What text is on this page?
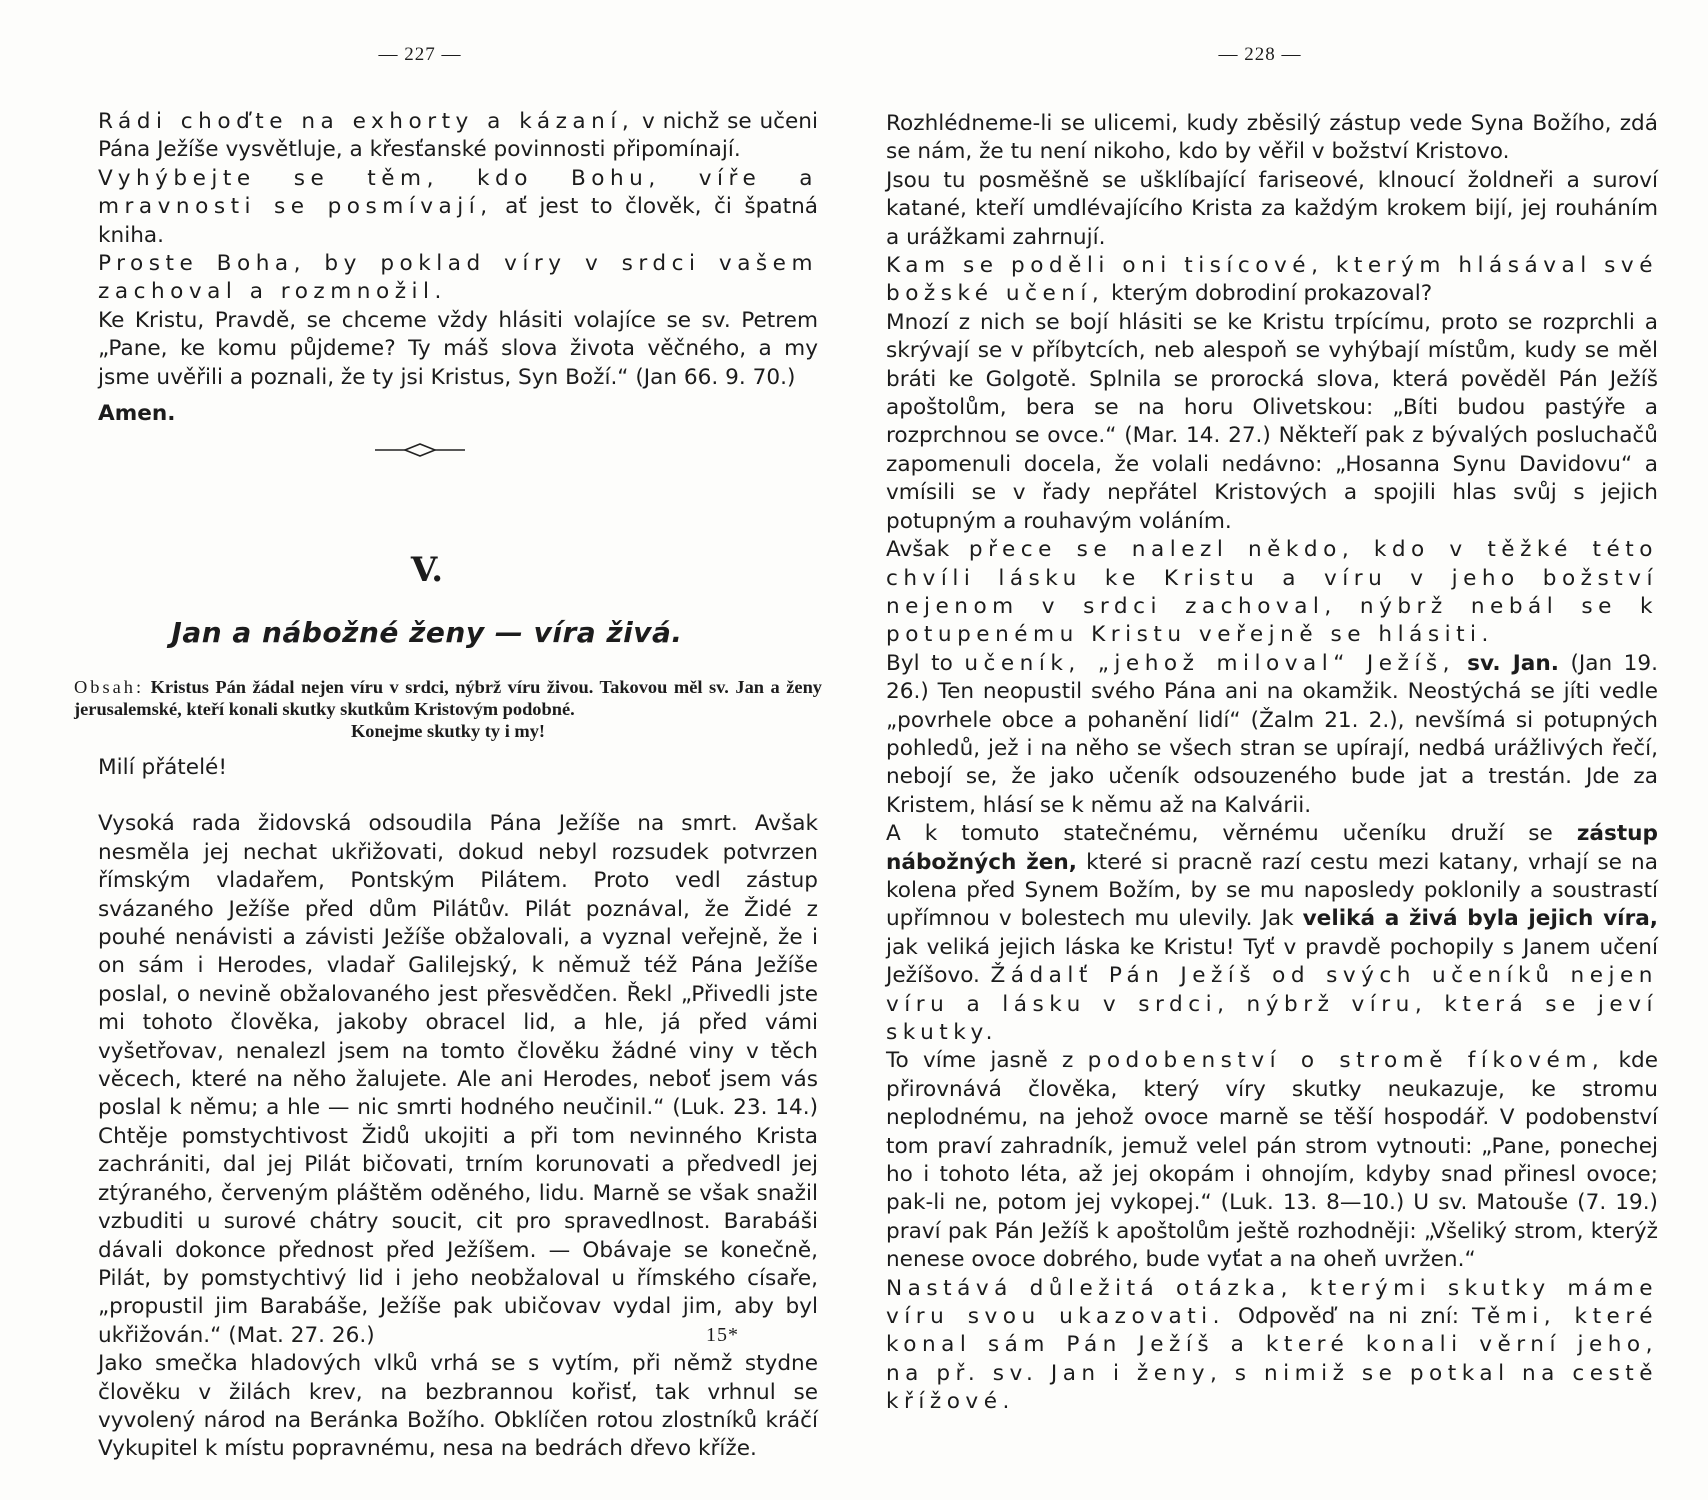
— 227 —

Rádi choďte na exhorty a kázaní, v nichž se učeni Pána Ježíše vysvětluje, a křesťanské povinnosti připomínají.

Vyhýbejte se těm, kdo Bohu, víře a mravnosti se posmívají, ať jest to člověk, či špatná kniha.

Proste Boha, by poklad víry v srdci vašem zachoval a rozmnožil.

Ke Kristu, Pravdě, se chceme vždy hlásiti volajíce se sv. Petrem „Pane, ke komu půjdeme? Ty máš slova života věčného, a my jsme uvěřili a poznali, že ty jsi Kristus, Syn Boží.“ (Jan 66. 9. 70.)

Amen.

V.
Jan a nábožné ženy — víra živá.
Obsah: Kristus Pán žádal nejen víru v srdci, nýbrž víru živou. Takovou měl sv. Jan a ženy jerusalemské, kteří konali skutky skutkům Kristovým podobné.
Konejme skutky ty i my!

Milí přátelé!

Vysoká rada židovská odsoudila Pána Ježíše na smrt. Avšak nesměla jej nechat ukřižovati, dokud nebyl rozsudek potvrzen římským vladařem, Pontským Pilátem. Proto vedl zástup svázaného Ježíše před dům Pilátův. Pilát poznával, že Židé z pouhé nenávisti a závisti Ježíše obžalovali, a vyznal veřejně, že i on sám i Herodes, vladař Galilejský, k němuž též Pána Ježíše poslal, o nevině obžalovaného jest přesvědčen. Řekl „Přivedli jste mi tohoto člověka, jakoby obracel lid, a hle, já před vámi vyšetřovav, nenalezl jsem na tomto člověku žádné viny v těch věcech, které na něho žalujete. Ale ani Herodes, neboť jsem vás poslal k němu; a hle — nic smrti hodného neučinil.“ (Luk. 23. 14.) Chtěje pomstychtivost Židů ukojiti a při tom nevinného Krista zachrániti, dal jej Pilát bičovati, trním korunovati a předvedl jej ztýraného, červeným pláštěm oděného, lidu. Marně se však snažil vzbuditi u surové chátry soucit, cit pro spravedlnost. Barabáši dávali dokonce přednost před Ježíšem. — Obávaje se konečně, Pilát, by pomstychtivý lid i jeho neobžaloval u římského císaře, „propustil jim Barabáše, Ježíše pak ubičovav vydal jim, aby byl ukřižován.“ (Mat. 27. 26.)

Jako smečka hladových vlků vrhá se s vytím, při němž stydne člověku v žilách krev, na bezbrannou kořisť, tak vrhnul se vyvolený národ na Beránka Božího. Obklíčen rotou zlostníků kráčí Vykupitel k místu popravnému, nesa na bedrách dřevo kříže.

15*
— 228 —

Rozhlédneme-li se ulicemi, kudy zběsilý zástup vede Syna Božího, zdá se nám, že tu není nikoho, kdo by věřil v božství Kristovo.

Jsou tu posměšně se ušklíbající fariseové, klnoucí žoldneři a suroví katané, kteří umdlévajícího Krista za každým krokem bijí, jej rouháním a urážkami zahrnují.

Kam se poděli oni tisícové, kterým hlásával své božské učení, kterým dobrodiní prokazoval?

Mnozí z nich se bojí hlásiti se ke Kristu trpícímu, proto se rozprchli a skrývají se v příbytcích, neb alespoň se vyhýbají místům, kudy se měl bráti ke Golgotě. Splnila se prorocká slova, která pověděl Pán Ježíš apoštolům, bera se na horu Olivetskou: „Bíti budou pastýře a rozprchnou se ovce.“ (Mar. 14. 27.) Někteří pak z bývalých posluchačů zapomenuli docela, že volali nedávno: „Hosanna Synu Davidovu“ a vmísili se v řady nepřátel Kristových a spojili hlas svůj s jejich potupným a rouhavým voláním.

Avšak přece se nalezl někdo, kdo v těžké této chvíli lásku ke Kristu a víru v jeho božství nejenom v srdci zachoval, nýbrž nebál se k potupenému Kristu veřejně se hlásiti.

Byl to učeník, „jehož miloval“ Ježíš, sv. Jan. (Jan 19. 26.) Ten neopustil svého Pána ani na okamžik. Neostýchá se jíti vedle „povrhele obce a pohanění lidí“ (Žalm 21. 2.), nevšímá si potupných pohledů, jež i na něho se všech stran se upírají, nedbá urážlivých řečí, nebojí se, že jako učeník odsouzeného bude jat a trestán. Jde za Kristem, hlásí se k němu až na Kalvárii.

A k tomuto statečnému, věrnému učeníku druží se zástup nábožných žen, které si pracně razí cestu mezi katany, vrhají se na kolena před Synem Božím, by se mu naposledy poklonily a soustrastí upřímnou v bolestech mu ulevily. Jak veliká a živá byla jejich víra, jak veliká jejich láska ke Kristu! Tyť v pravdě pochopily s Janem učení Ježíšovo. Žádalť Pán Ježíš od svých učeníků nejen víru a lásku v srdci, nýbrž víru, která se jeví skutky.

To víme jasně z podobenství o stromě fíkovém, kde přirovnává člověka, který víry skutky neukazuje, ke stromu neplodnému, na jehož ovoce marně se těší hospodář. V podobenství tom praví zahradník, jemuž velel pán strom vytnouti: „Pane, ponechej ho i tohoto léta, až jej okopám i ohnojím, kdyby snad přinesl ovoce; pak-li ne, potom jej vykopej.“ (Luk. 13. 8—10.) U sv. Matouše (7. 19.) praví pak Pán Ježíš k apoštolům ještě rozhodněji: „Všeliký strom, kterýž nenese ovoce dobrého, bude vyťat a na oheň uvržen.“

Nastává důležitá otázka, kterými skutky máme víru svou ukazovati. Odpověď na ni zní: Těmi, které konal sám Pán Ježíš a které konali věrní jeho, na př. sv. Jan i ženy, s nimiž se potkal na cestě křížové.
